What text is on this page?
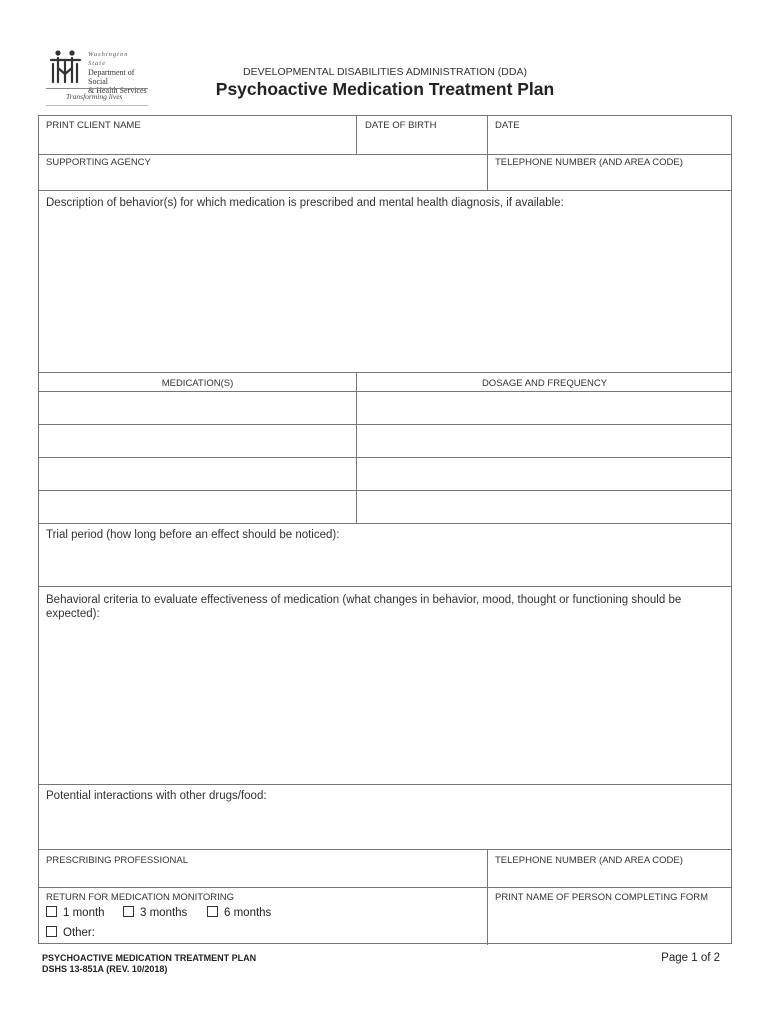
Washington State
Department of Social
& Health Services
Transforming lives
DEVELOPMENTAL DISABILITIES ADMINISTRATION (DDA)
Psychoactive Medication Treatment Plan
PRINT CLIENT NAME	DATE OF BIRTH	DATE
SUPPORTING AGENCY	TELEPHONE NUMBER (AND AREA CODE)
Description of behavior(s) for which medication is prescribed and mental health diagnosis, if available:
MEDICATION(S)	DOSAGE AND FREQUENCY
Trial period (how long before an effect should be noticed):
Behavioral criteria to evaluate effectiveness of medication (what changes in behavior, mood, thought or functioning should be expected):
Potential interactions with other drugs/food:
PRESCRIBING PROFESSIONAL	TELEPHONE NUMBER (AND AREA CODE)
RETURN FOR MEDICATION MONITORING	PRINT NAME OF PERSON COMPLETING FORM
1 month	3 months	6 months
Other:
PSYCHOACTIVE MEDICATION TREATMENT PLAN
DSHS 13-851A (REV. 10/2018)
Page 1 of 2
